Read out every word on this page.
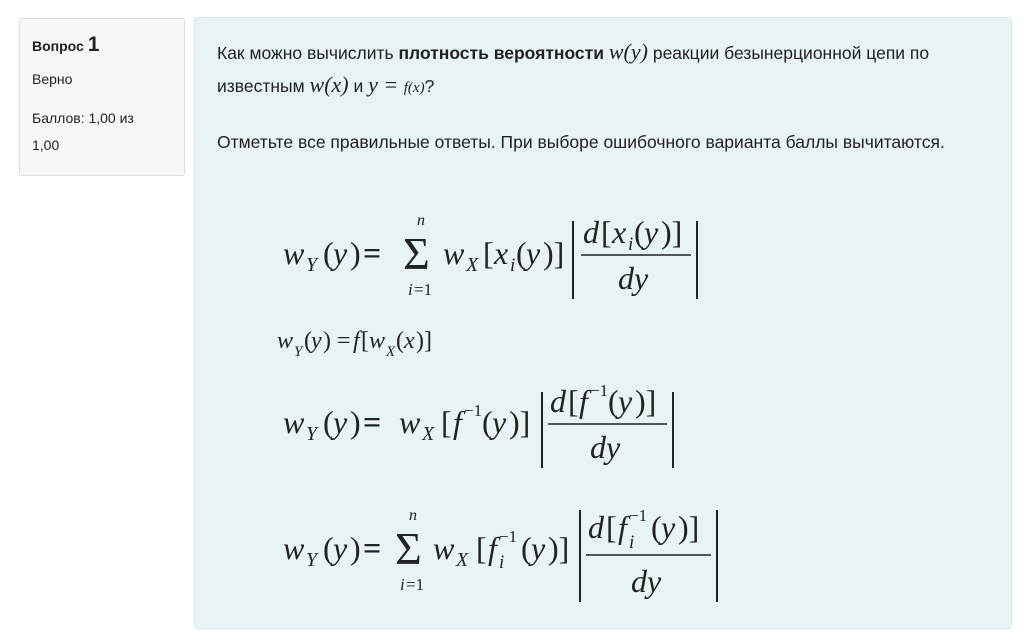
Вопрос 1
Верно
Баллов: 1,00 из 1,00
Как можно вычислить плотность вероятности w(y) реакции безынерционной цепи по известным w(x) и y = f(x)?
Отметьте все правильные ответы. При выборе ошибочного варианта баллы вычитаются.
w Y ( y ) =
n
Σ
i =1
w X [ x i ( y )]
d [ x i ( y )]
dy
w Y ( y ) = f [ w X ( x )]
w Y ( y ) = w X [ f −1 ( y )]
d [ f −1 ( y )]
dy
w Y ( y ) =
n
Σ
i =1
w X [ f i
−1 ( y )]
d [ f i
−1 ( y )]
dy
